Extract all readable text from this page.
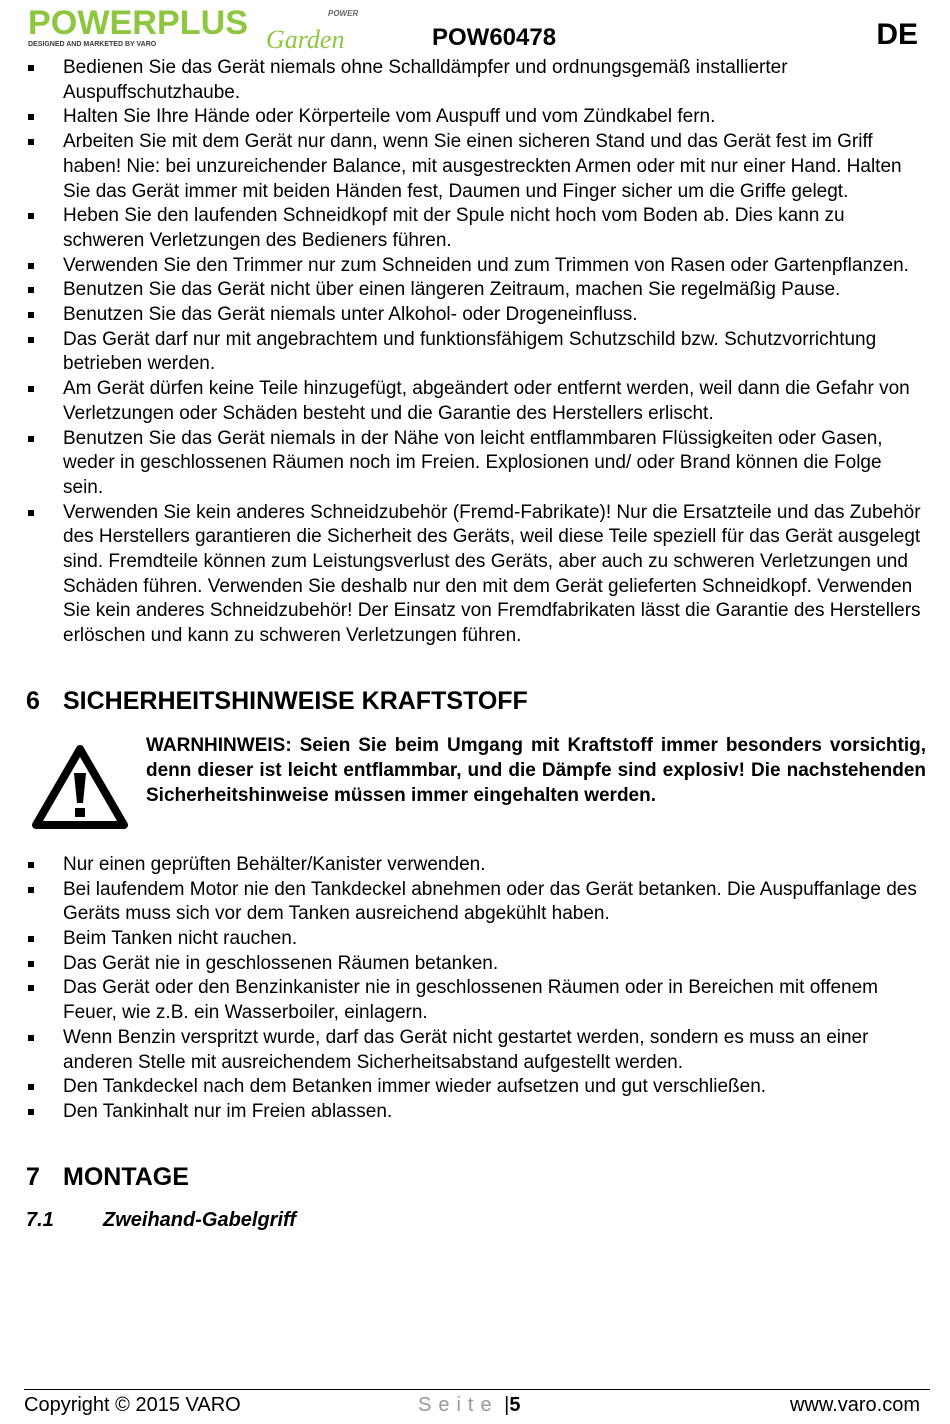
POWERPLUS	POWER
Garden
DESIGNED AND MARKETED BY VARO	POW60478	DE
Bedienen Sie das Gerät niemals ohne Schalldämpfer und ordnungsgemäß installierter Auspuffschutzhaube.
Halten Sie Ihre Hände oder Körperteile vom Auspuff und vom Zündkabel fern.
Arbeiten Sie mit dem Gerät nur dann, wenn Sie einen sicheren Stand und das Gerät fest im Griff haben! Nie: bei unzureichender Balance, mit ausgestreckten Armen oder mit nur einer Hand. Halten Sie das Gerät immer mit beiden Händen fest, Daumen und Finger sicher um die Griffe gelegt.
Heben Sie den laufenden Schneidkopf mit der Spule nicht hoch vom Boden ab. Dies kann zu schweren Verletzungen des Bedieners führen.
Verwenden Sie den Trimmer nur zum Schneiden und zum Trimmen von Rasen oder Gartenpflanzen.
Benutzen Sie das Gerät nicht über einen längeren Zeitraum, machen Sie regelmäßig Pause.
Benutzen Sie das Gerät niemals unter Alkohol- oder Drogeneinfluss.
Das Gerät darf nur mit angebrachtem und funktionsfähigem Schutzschild bzw. Schutzvorrichtung betrieben werden.
Am Gerät dürfen keine Teile hinzugefügt, abgeändert oder entfernt werden, weil dann die Gefahr von Verletzungen oder Schäden besteht und die Garantie des Herstellers erlischt.
Benutzen Sie das Gerät niemals in der Nähe von leicht entflammbaren Flüssigkeiten oder Gasen, weder in geschlossenen Räumen noch im Freien. Explosionen und/ oder Brand können die Folge sein.
Verwenden Sie kein anderes Schneidzubehör (Fremd-Fabrikate)! Nur die Ersatzteile und das Zubehör des Herstellers garantieren die Sicherheit des Geräts, weil diese Teile speziell für das Gerät ausgelegt sind. Fremdteile können zum Leistungsverlust des Geräts, aber auch zu schweren Verletzungen und Schäden führen. Verwenden Sie deshalb nur den mit dem Gerät gelieferten Schneidkopf. Verwenden Sie kein anderes Schneidzubehör! Der Einsatz von Fremdfabrikaten lässt die Garantie des Herstellers erlöschen und kann zu schweren Verletzungen führen.
6 SICHERHEITSHINWEISE KRAFTSTOFF
WARNHINWEIS: Seien Sie beim Umgang mit Kraftstoff immer besonders vorsichtig, denn dieser ist leicht entflammbar, und die Dämpfe sind explosiv! Die nachstehenden Sicherheitshinweise müssen immer eingehalten werden.
Nur einen geprüften Behälter/Kanister verwenden.
Bei laufendem Motor nie den Tankdeckel abnehmen oder das Gerät betanken. Die Auspuffanlage des Geräts muss sich vor dem Tanken ausreichend abgekühlt haben.
Beim Tanken nicht rauchen.
Das Gerät nie in geschlossenen Räumen betanken.
Das Gerät oder den Benzinkanister nie in geschlossenen Räumen oder in Bereichen mit offenem Feuer, wie z.B. ein Wasserboiler, einlagern.
Wenn Benzin verspritzt wurde, darf das Gerät nicht gestartet werden, sondern es muss an einer anderen Stelle mit ausreichendem Sicherheitsabstand aufgestellt werden.
Den Tankdeckel nach dem Betanken immer wieder aufsetzen und gut verschließen.
Den Tankinhalt nur im Freien ablassen.
7 MONTAGE
7.1 Zweihand-Gabelgriff
Copyright © 2015 VARO	Seite |5	www.varo.com
